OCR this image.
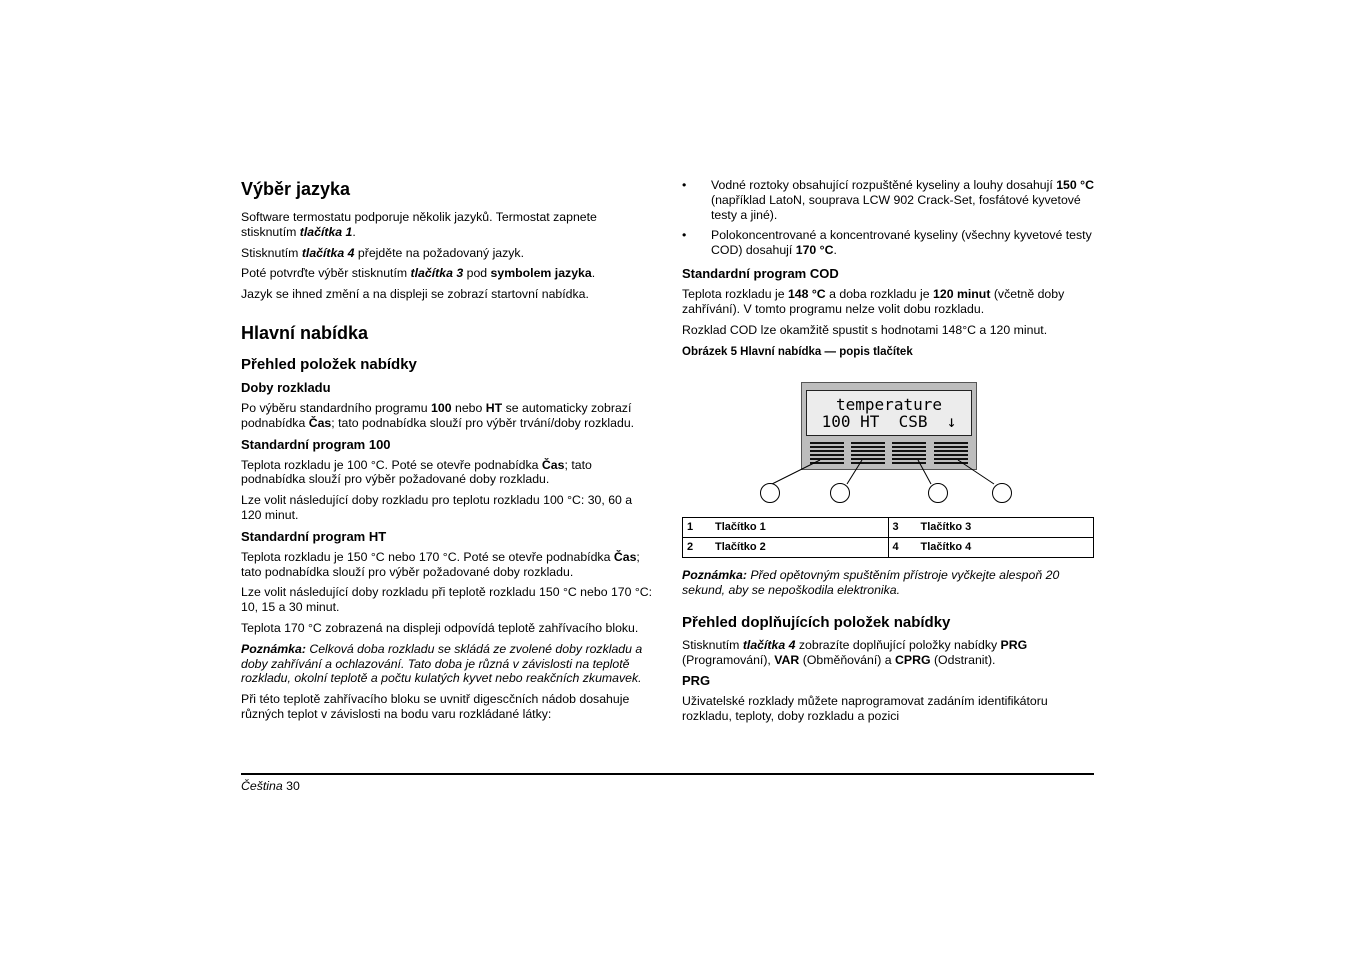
Výběr jazyka

Software termostatu podporuje několik jazyků. Termostat zapnete stisknutím tlačítka 1.

Stisknutím tlačítka 4 přejděte na požadovaný jazyk.

Poté potvrďte výběr stisknutím tlačítka 3 pod symbolem jazyka.

Jazyk se ihned změní a na displeji se zobrazí startovní nabídka.

Hlavní nabídka
Přehled položek nabídky
Doby rozkladu

Po výběru standardního programu 100 nebo HT se automaticky zobrazí podnabídka Čas; tato podnabídka slouží pro výběr trvání/doby rozkladu.

Standardní program 100

Teplota rozkladu je 100 °C. Poté se otevře podnabídka Čas; tato podnabídka slouží pro výběr požadované doby rozkladu.

Lze volit následující doby rozkladu pro teplotu rozkladu 100 °C: 30, 60 a 120 minut.

Standardní program HT

Teplota rozkladu je 150 °C nebo 170 °C. Poté se otevře podnabídka Čas; tato podnabídka slouží pro výběr požadované doby rozkladu.

Lze volit následující doby rozkladu při teplotě rozkladu 150 °C nebo 170 °C: 10, 15 a 30 minut.

Teplota 170 °C zobrazená na displeji odpovídá teplotě zahřívacího bloku.

Poznámka: Celková doba rozkladu se skládá ze zvolené doby rozkladu a doby zahřívání a ochlazování. Tato doba je různá v závislosti na teplotě rozkladu, okolní teplotě a počtu kulatých kyvet nebo reakčních zkumavek.

Při této teplotě zahřívacího bloku se uvnitř digescčních nádob dosahuje různých teplot v závislosti na bodu varu rozkládané látky:

• Vodné roztoky obsahující rozpuštěné kyseliny a louhy dosahují 150 °C (například LatoN, souprava LCW 902 Crack-Set, fosfátové kyvetové testy a jiné).
• Polokoncentrované a koncentrované kyseliny (všechny kyvetové testy COD) dosahují 170 °C.
Standardní program COD

Teplota rozkladu je 148 °C a doba rozkladu je 120 minut (včetně doby zahřívání). V tomto programu nelze volit dobu rozkladu.

Rozklad COD lze okamžitě spustit s hodnotami 148°C a 120 minut.

Obrázek 5 Hlavní nabídka — popis tlačítek

temperature
100 HT  CSB  ↓
1	Tlačítko 1	3	Tlačítko 3
2	Tlačítko 2	4	Tlačítko 4

Poznámka: Před opětovným spuštěním přístroje vyčkejte alespoň 20 sekund, aby se nepoškodila elektronika.

Přehled doplňujících položek nabídky

Stisknutím tlačítka 4 zobrazíte doplňující položky nabídky PRG (Programování), VAR (Obměňování) a CPRG (Odstranit).

PRG

Uživatelské rozklady můžete naprogramovat zadáním identifikátoru rozkladu, teploty, doby rozkladu a pozici

Čeština 30
